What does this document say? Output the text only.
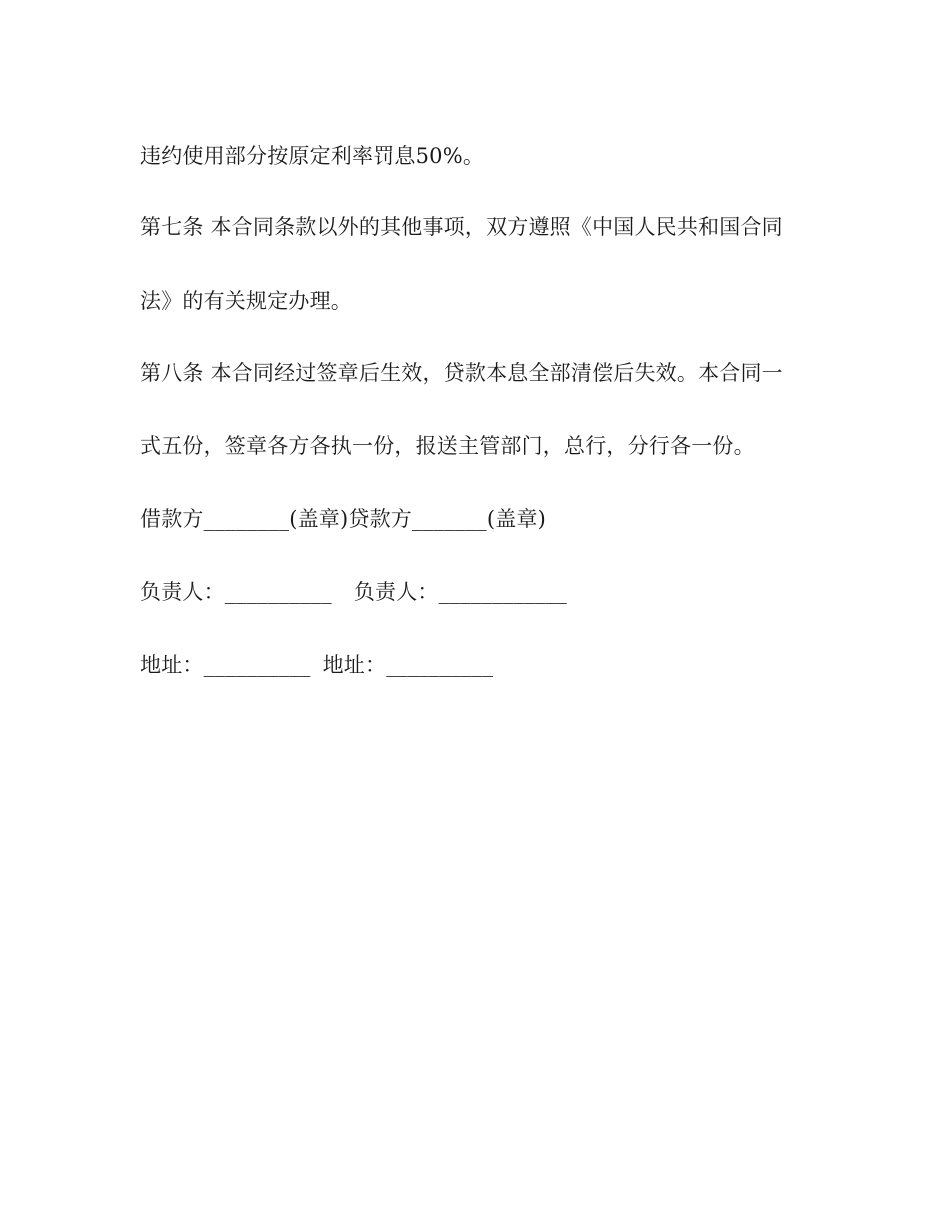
违约使用部分按原定利率罚息50%。
第七条 本合同条款以外的其他事项，双方遵照《中国人民共和国合同
法》的有关规定办理。
第八条 本合同经过签章后生效，贷款本息全部清偿后失效。本合同一
式五份，签章各方各执一份，报送主管部门，总行，分行各一份。
借款方________(盖章)贷款方_______(盖章)
负责人：__________ 负责人：____________
地址：__________ 地址：__________
